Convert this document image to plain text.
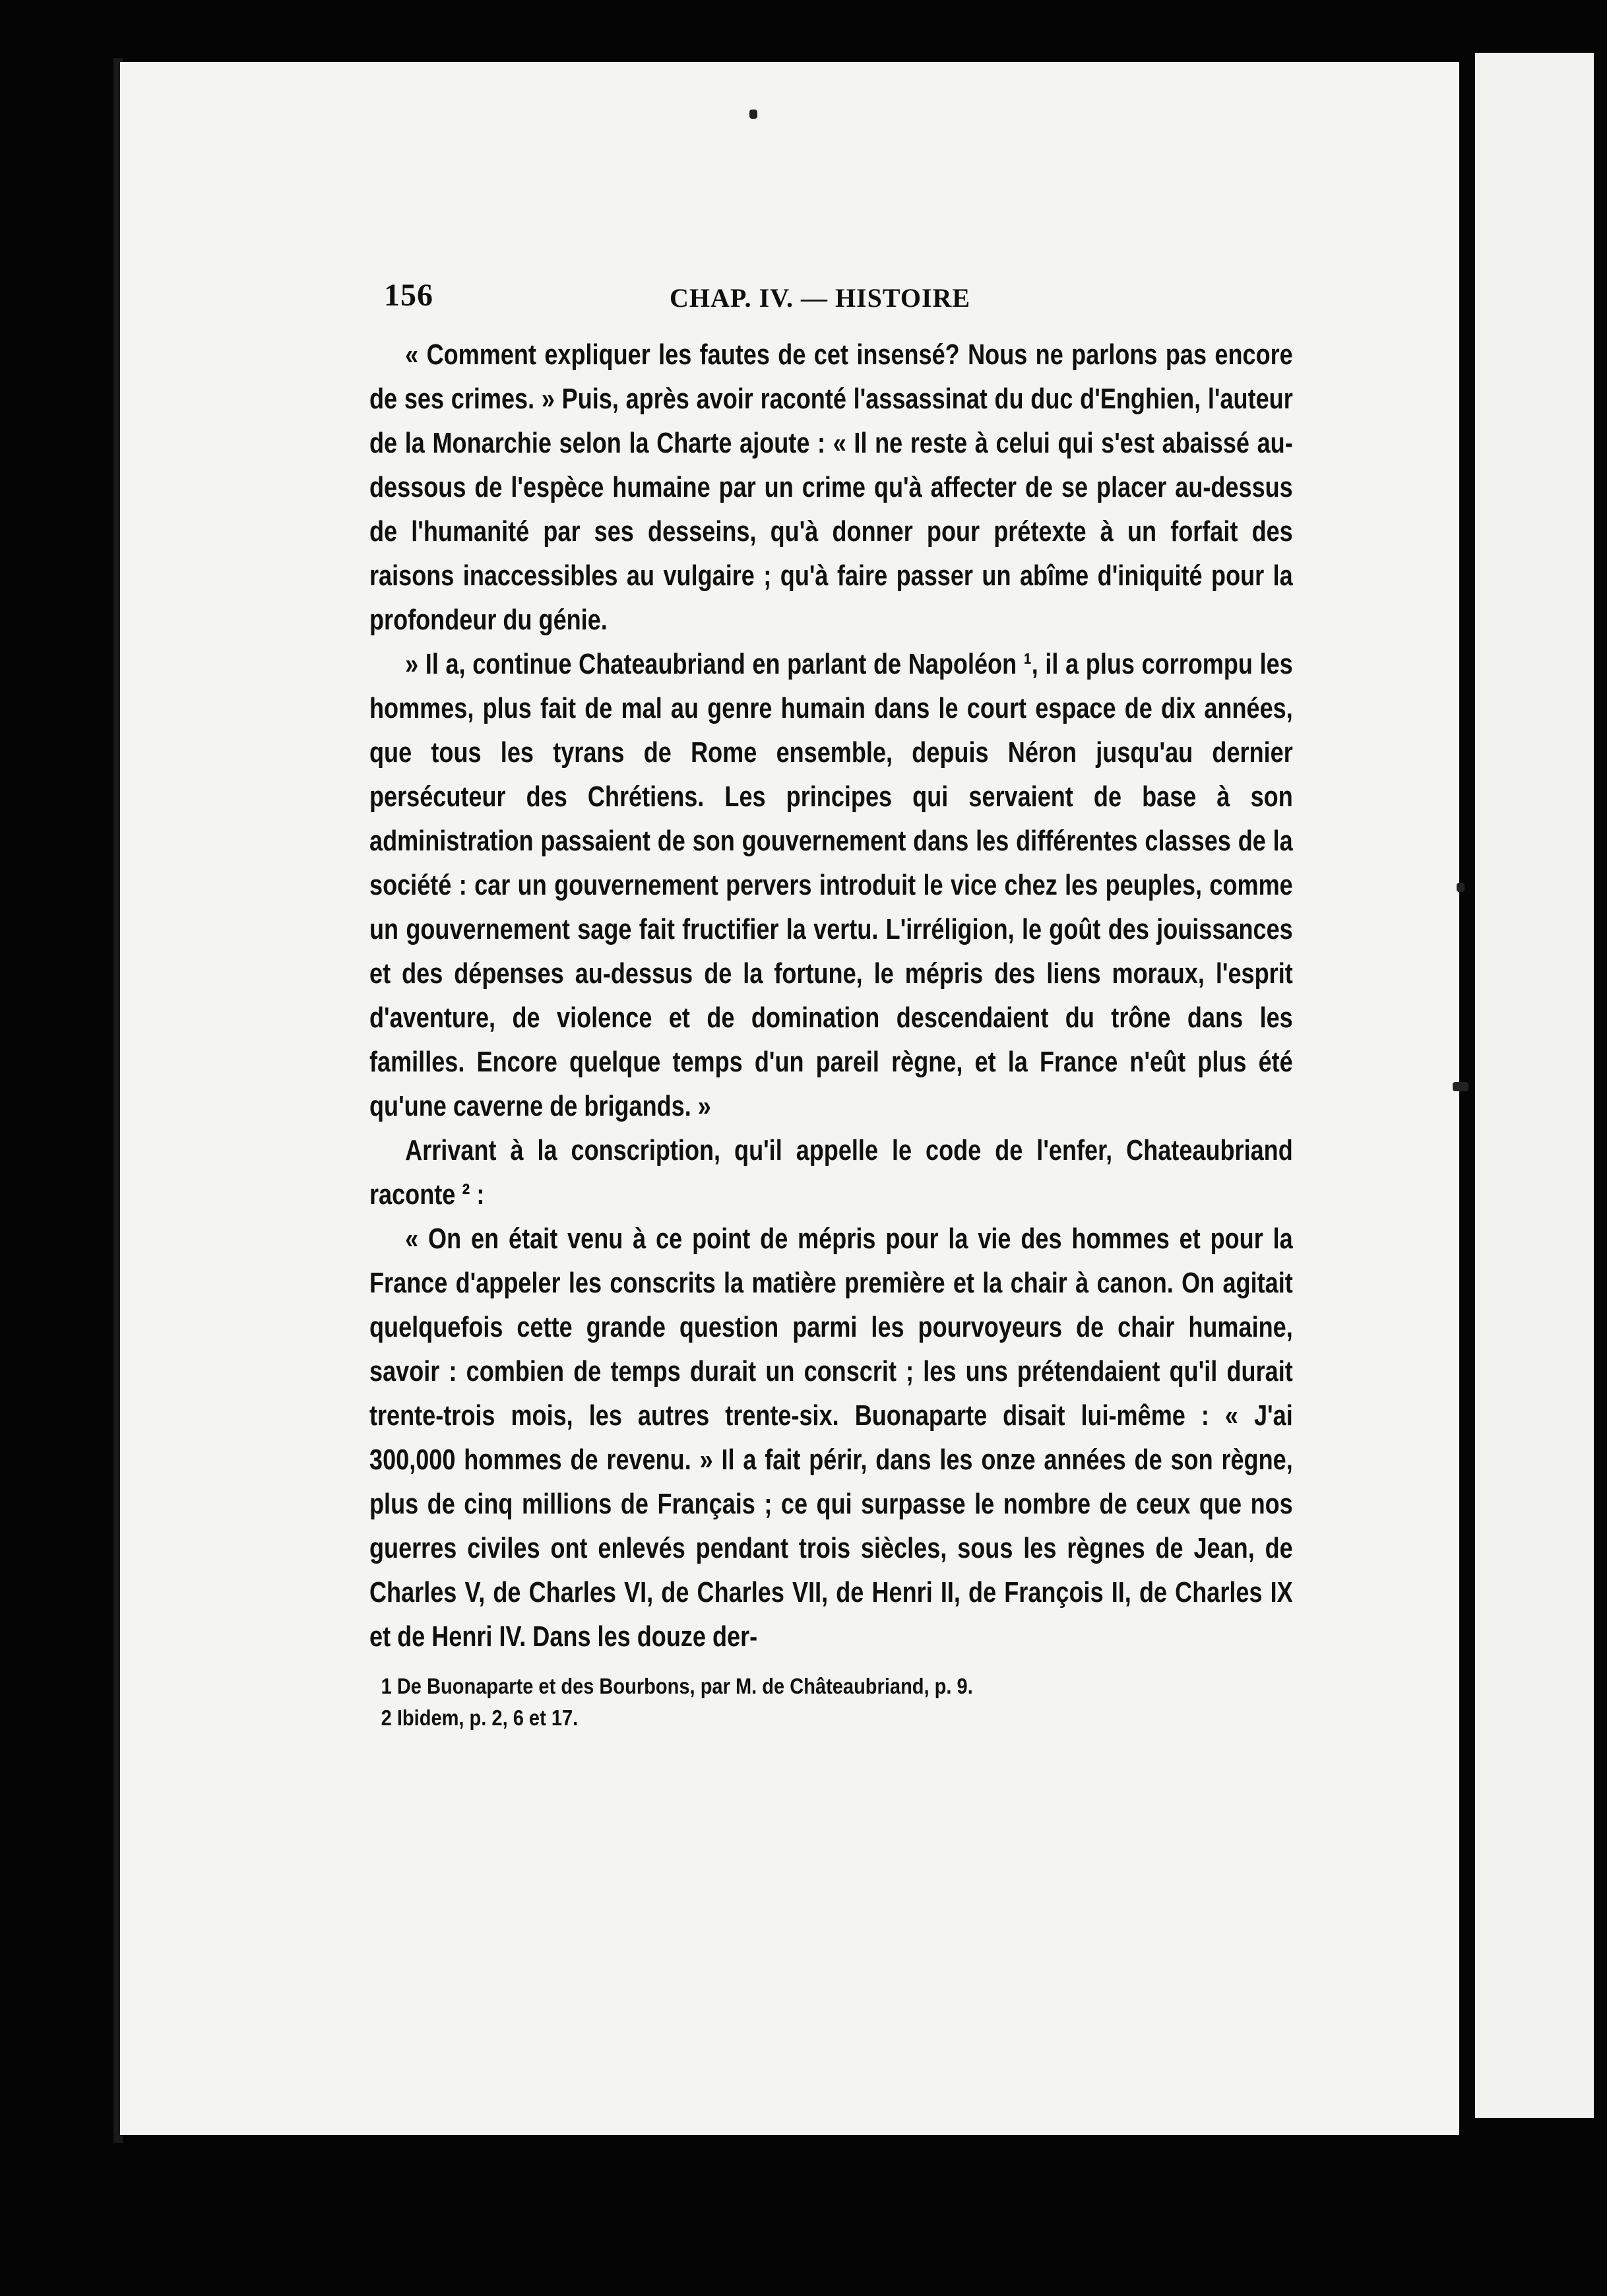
156	CHAP. IV. — HISTOIRE

« Comment expliquer les fautes de cet insensé? Nous ne parlons pas encore de ses crimes. » Puis, après avoir raconté l'assassinat du duc d'Enghien, l'auteur de la Monarchie selon la Charte ajoute : « Il ne reste à celui qui s'est abaissé au-dessous de l'espèce humaine par un crime qu'à affecter de se placer au-dessus de l'humanité par ses desseins, qu'à donner pour prétexte à un forfait des raisons inaccessibles au vulgaire ; qu'à faire passer un abîme d'iniquité pour la profondeur du génie.

» Il a, continue Chateaubriand en parlant de Napoléon ¹, il a plus corrompu les hommes, plus fait de mal au genre humain dans le court espace de dix années, que tous les tyrans de Rome ensemble, depuis Néron jusqu'au dernier persécuteur des Chrétiens. Les principes qui servaient de base à son administration passaient de son gouvernement dans les différentes classes de la société : car un gouvernement pervers introduit le vice chez les peuples, comme un gouvernement sage fait fructifier la vertu. L'irréligion, le goût des jouissances et des dépenses au-dessus de la fortune, le mépris des liens moraux, l'esprit d'aventure, de violence et de domination descendaient du trône dans les familles. Encore quelque temps d'un pareil règne, et la France n'eût plus été qu'une caverne de brigands. »

Arrivant à la conscription, qu'il appelle le code de l'enfer, Chateaubriand raconte ² :

« On en était venu à ce point de mépris pour la vie des hommes et pour la France d'appeler les conscrits la matière première et la chair à canon. On agitait quelquefois cette grande question parmi les pourvoyeurs de chair humaine, savoir : combien de temps durait un conscrit ; les uns prétendaient qu'il durait trente-trois mois, les autres trente-six. Buonaparte disait lui-même : « J'ai 300,000 hommes de revenu. » Il a fait périr, dans les onze années de son règne, plus de cinq millions de Français ; ce qui surpasse le nombre de ceux que nos guerres civiles ont enlevés pendant trois siècles, sous les règnes de Jean, de Charles V, de Charles VI, de Charles VII, de Henri II, de François II, de Charles IX et de Henri IV. Dans les douze der-

1 De Buonaparte et des Bourbons, par M. de Châteaubriand, p. 9.
2 Ibidem, p. 2, 6 et 17.
